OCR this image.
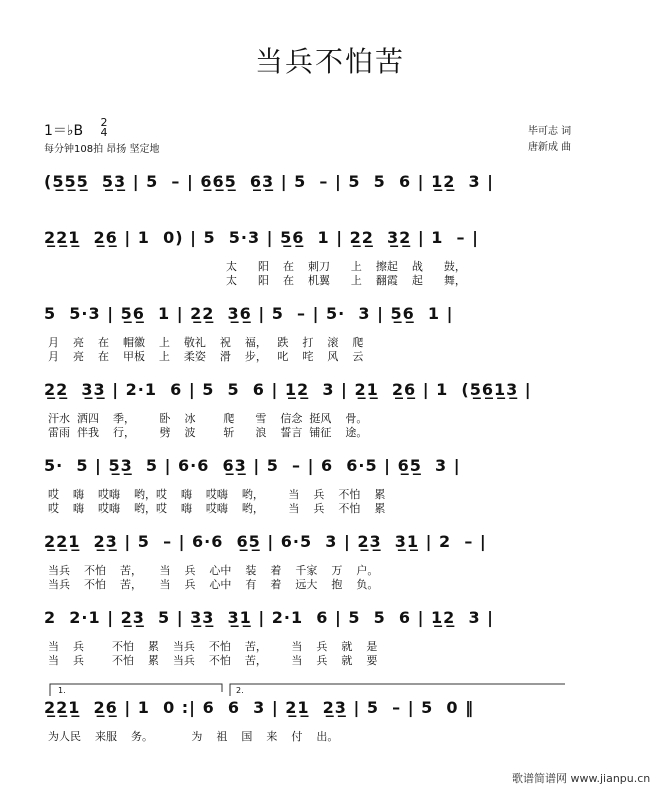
当兵不怕苦
1＝♭B
2
4
每分钟108拍 昂扬 坚定地
毕可志 词
唐新成 曲
(5̲5̲5̲  5̲3̲ | 5  – | 6̲6̲5̲  6̲3̲ | 5  – | 5  5  6 | 1̲2̲  3 |
2̲2̲1̲  2̲6̲ | 1  0) | 5  5·3 | 5̲6̲  1 | 2̲2̲  3̲2̲ | 1  – |
太      阳    在    刺刀      上    擦起    战      鼓，
太      阳    在    机翼      上    翻霞    起      舞，
5  5·3 | 5̲6̲  1 | 2̲2̲  3̲6̲ | 5  – | 5·  3 | 5̲6̲  1 |
月    亮    在    帽徽    上    敬礼    祝    福，   跌    打    滚    爬
月    亮    在    甲板    上    柔姿    滑    步，   叱    咤    风    云
2̲2̲  3̲3̲ | 2·1  6 | 5  5  6 | 1̲2̲  3 | 2̲1̲  2̲6̲ | 1  (5̲6̲1̲3̲ |
汗水  洒四    季，       卧    冰        爬      雪    信念  挺风    骨。
雷雨  伴我    行，       劈    波        斩      浪    誓言  铺征    途。
5·  5 | 5̲3̲  5 | 6·6  6̲3̲ | 5  – | 6  6·5 | 6̲5̲  3 |
哎    嗨    哎嗨    哟，哎    嗨    哎嗨    哟，       当    兵    不怕    累
哎    嗨    哎嗨    哟，哎    嗨    哎嗨    哟，       当    兵    不怕    累
2̲2̲1̲  2̲3̲ | 5  – | 6·6  6̲5̲ | 6·5  3 | 2̲3̲  3̲1̲ | 2  – |
当兵    不怕    苦，     当    兵    心中    装    着    千家    万    户。
当兵    不怕    苦，     当    兵    心中    有    着    远大    抱    负。
2  2·1 | 2̲3̲  5 | 3̲3̲  3̲1̲ | 2·1  6 | 5  5  6 | 1̲2̲  3 |
当    兵        不怕    累    当兵    不怕    苦，       当    兵    就    是
当    兵        不怕    累    当兵    不怕    苦，       当    兵    就    要
2̲2̲1̲  2̲6̲ | 1  0 :| 6  6  3 | 2̲1̲  2̲3̲ | 5  – | 5  0 ‖
为人民    来服    务。           为    祖    国    来    付    出。
1.	2.
歌谱简谱网 www.jianpu.cn
